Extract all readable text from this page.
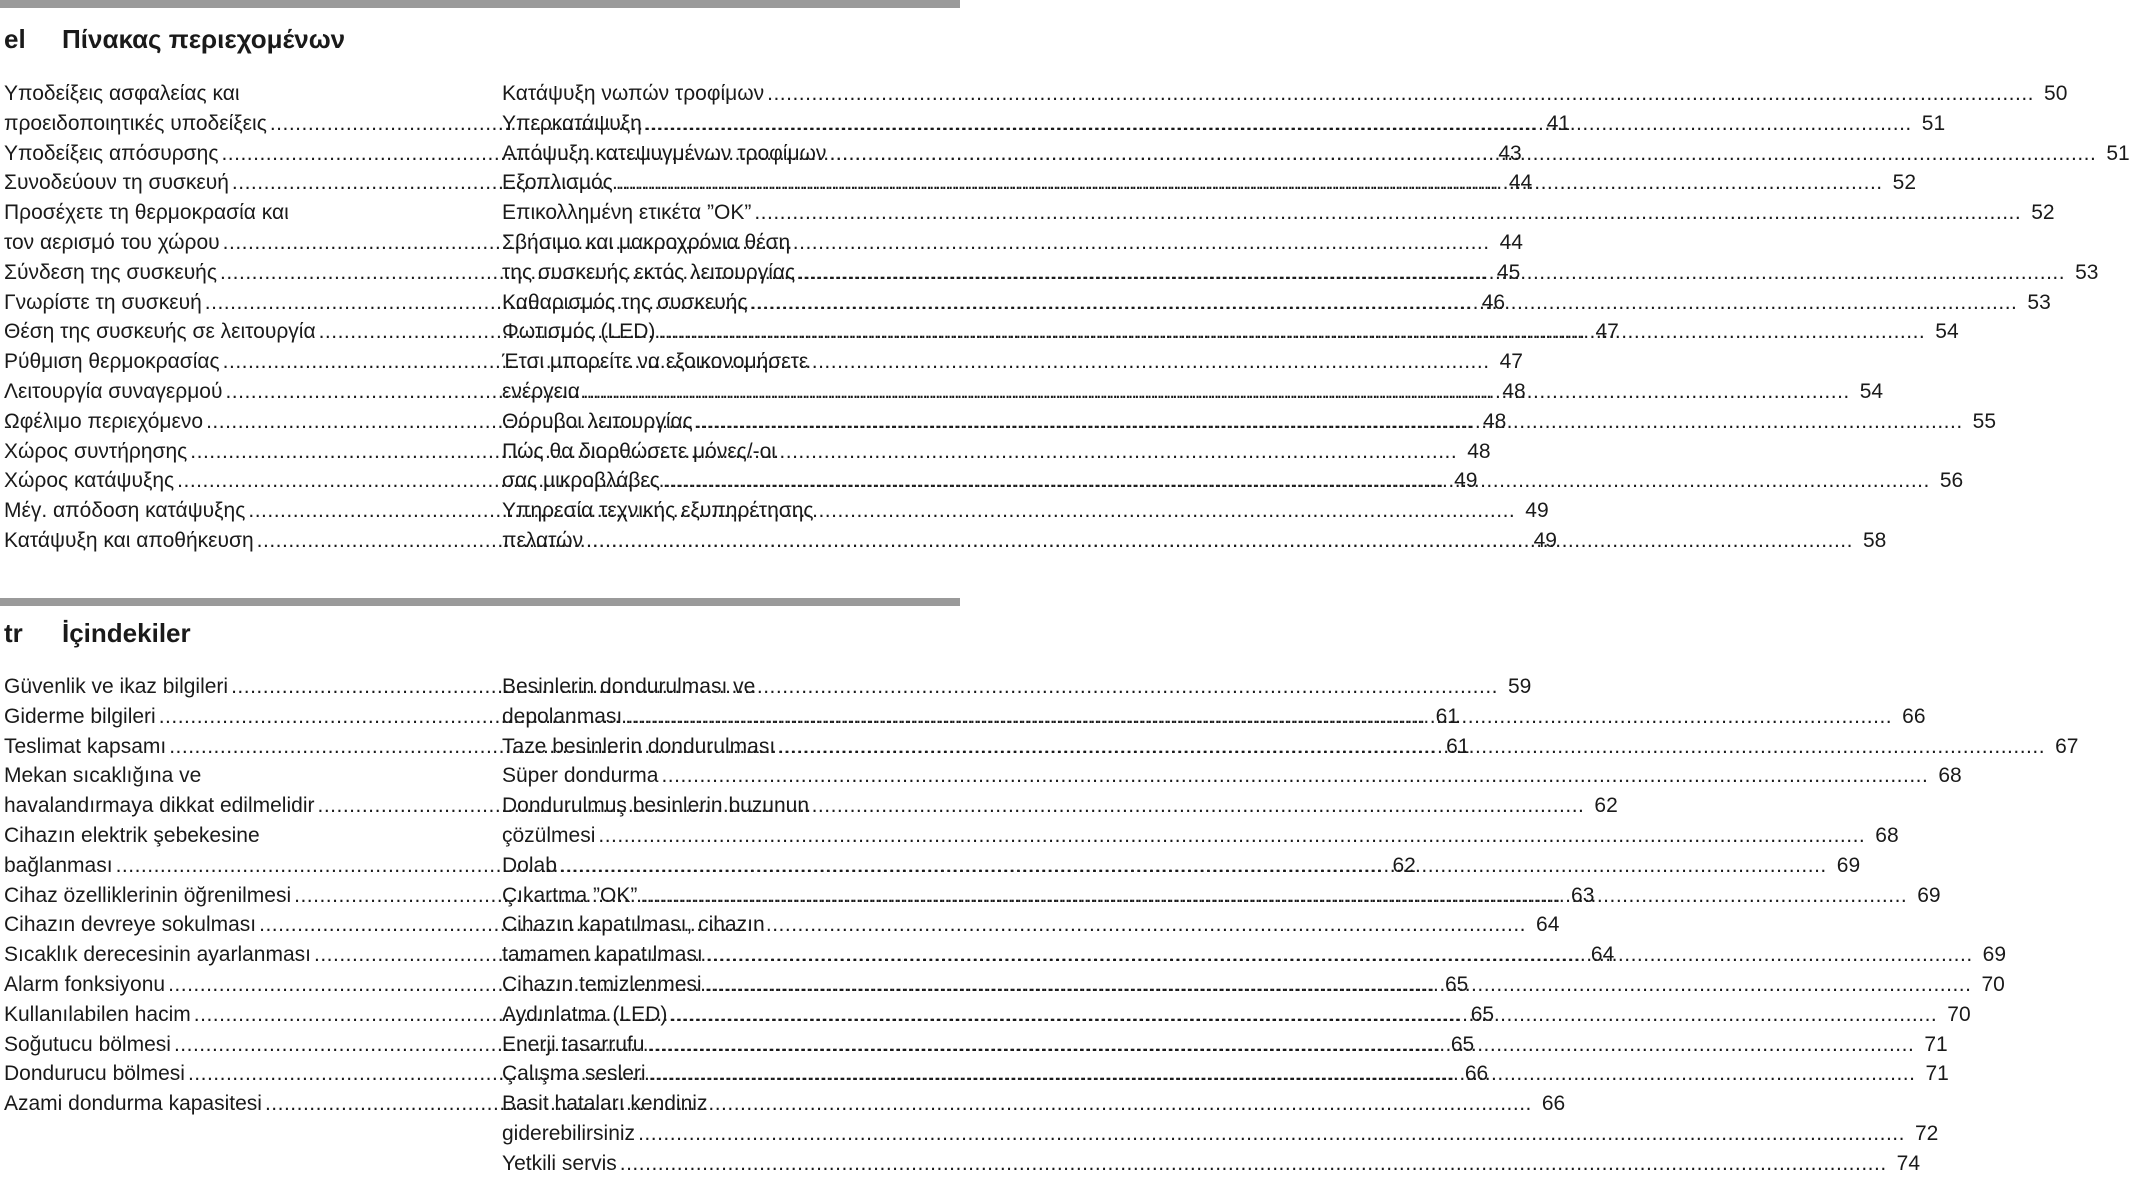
el Πίνακας περιεχομένων
Υποδείξεις ασφαλείας και
προειδοποιητικές υποδείξεις .....	41
Υποδείξεις απόσυρσης .....	43
Συνοδεύουν τη συσκευή .....	44
Προσέχετε τη θερμοκρασία και
τον αερισμό του χώρου .....	44
Σύνδεση της συσκευής .....	45
Γνωρίστε τη συσκευή .....	46
Θέση της συσκευής σε λειτουργία .....	47
Ρύθμιση θερμοκρασίας .....	47
Λειτουργία συναγερμού .....	48
Ωφέλιμο περιεχόμενο .....	48
Χώρος συντήρησης .....	48
Χώρος κατάψυξης .....	49
Μέγ. απόδοση κατάψυξης .....	49
Κατάψυξη και αποθήκευση .....	49
Κατάψυξη νωπών τροφίμων .....	50
Υπερκατάψυξη .....	51
Απόψυξη κατεψυγμένων τροφίμων .....	51
Εξοπλισμός .....	52
Επικολλημένη ετικέτα ”OK” .....	52
Σβήσιμο και μακροχρόνια θέση
της συσκευής εκτός λειτουργίας .....	53
Καθαρισμός της συσκευής .....	53
Φωτισμός (LED) .....	54
Έτσι μπορείτε να εξοικονομήσετε
ενέργεια .....	54
Θόρυβοι λειτουργίας .....	55
Πώς θα διορθώσετε μόνες/-οι
σας μικροβλάβες .....	56
Υπηρεσία τεχνικής εξυπηρέτησης
πελατών .....	58
tr İçindekiler
Güvenlik ve ikaz bilgileri .....	59
Giderme bilgileri .....	61
Teslimat kapsamı .....	61
Mekan sıcaklığına ve
havalandırmaya dikkat edilmelidir .....	62
Cihazın elektrik şebekesine
bağlanması .....	62
Cihaz özelliklerinin öğrenilmesi .....	63
Cihazın devreye sokulması .....	64
Sıcaklık derecesinin ayarlanması .....	64
Alarm fonksiyonu .....	65
Kullanılabilen hacim .....	65
Soğutucu bölmesi .....	65
Dondurucu bölmesi .....	66
Azami dondurma kapasitesi .....	66
Besinlerin dondurulması ve
depolanması .....	66
Taze besinlerin dondurulması .....	67
Süper dondurma .....	68
Dondurulmuş besinlerin buzunun
çözülmesi .....	68
Dolab .....	69
Çıkartma ”OK” .....	69
Cihazın kapatılması, cihazın
tamamen kapatılması .....	69
Cihazın temizlenmesi .....	70
Aydınlatma (LED) .....	70
Enerji tasarrufu .....	71
Çalışma sesleri .....	71
Basit hataları kendiniz
giderebilirsiniz .....	72
Yetkili servis .....	74
